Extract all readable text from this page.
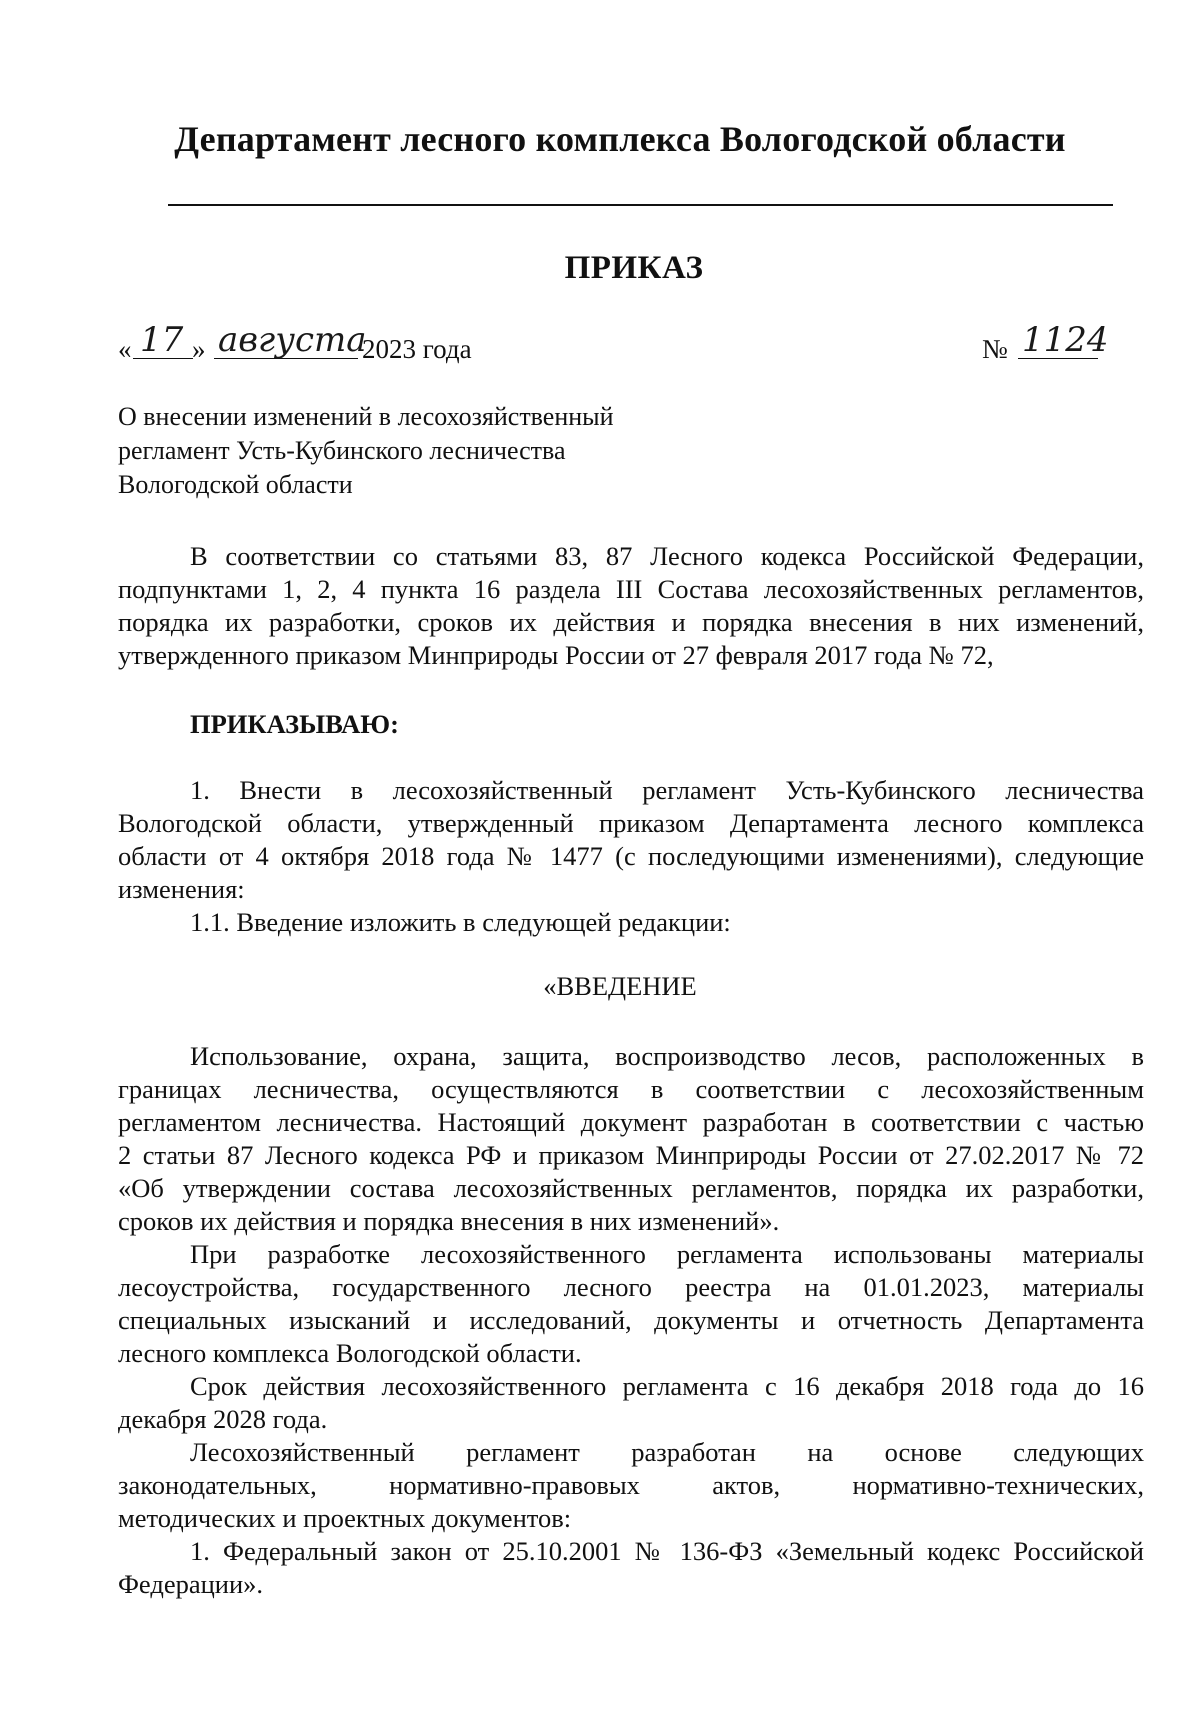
Департамент лесного комплекса Вологодской области
ПРИКАЗ
« 17 » августа
2023 года	№ 1124
О внесении изменений в лесохозяйственный
регламент Усть-Кубинского лесничества
Вологодской области
В соответствии со статьями 83, 87 Лесного кодекса Российской Федерации,
подпунктами 1, 2, 4 пункта 16 раздела III Состава лесохозяйственных регламентов,
порядка их разработки, сроков их действия и порядка внесения в них изменений,
утвержденного приказом Минприроды России от 27 февраля 2017 года № 72,
ПРИКАЗЫВАЮ:
1. Внести в лесохозяйственный регламент Усть-Кубинского лесничества
Вологодской области, утвержденный приказом Департамента лесного комплекса
области от 4 октября 2018 года № 1477 (с последующими изменениями), следующие
изменения:
1.1. Введение изложить в следующей редакции:
«ВВЕДЕНИЕ
Использование, охрана, защита, воспроизводство лесов, расположенных в
границах лесничества, осуществляются в соответствии с лесохозяйственным
регламентом лесничества. Настоящий документ разработан в соответствии с частью
2 статьи 87 Лесного кодекса РФ и приказом Минприроды России от 27.02.2017 № 72
«Об утверждении состава лесохозяйственных регламентов, порядка их разработки,
сроков их действия и порядка внесения в них изменений».
При разработке лесохозяйственного регламента использованы материалы
лесоустройства, государственного лесного реестра на 01.01.2023, материалы
специальных изысканий и исследований, документы и отчетность Департамента
лесного комплекса Вологодской области.
Срок действия лесохозяйственного регламента с 16 декабря 2018 года до 16
декабря 2028 года.
Лесохозяйственный регламент разработан на основе следующих
законодательных, нормативно-правовых актов, нормативно-технических,
методических и проектных документов:
1. Федеральный закон от 25.10.2001 № 136-ФЗ «Земельный кодекс Российской
Федерации».
